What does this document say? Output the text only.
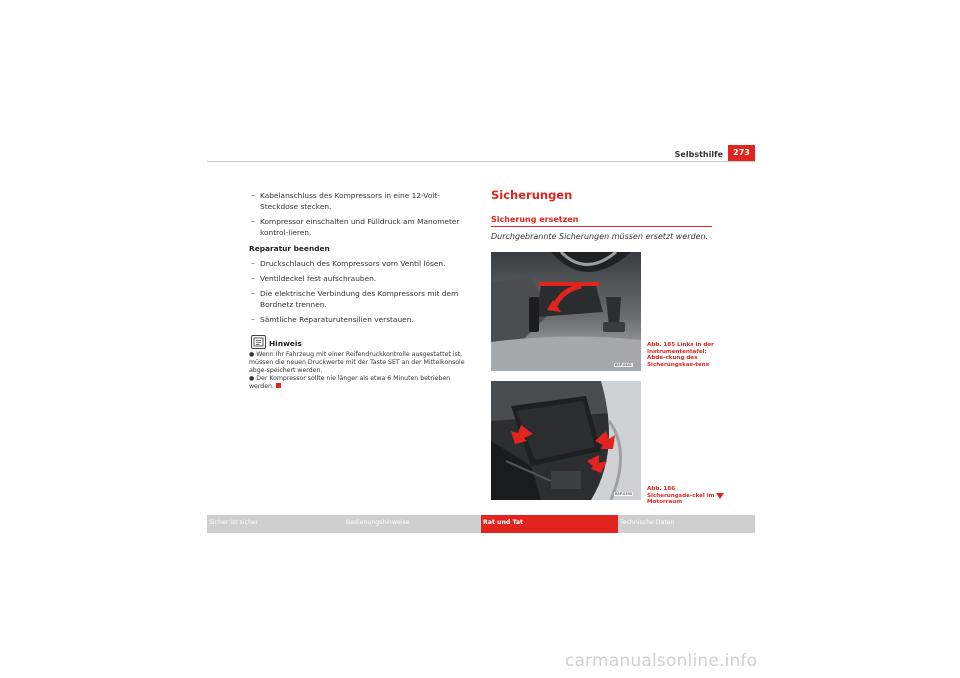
Selbsthilfe	273
– Kabelanschluss des Kompressors in eine 12-Volt-Steckdose stecken.
– Kompressor einschalten und Fülldruck am Manometer kontrol-lieren.
Reparatur beenden
– Druckschlauch des Kompressors vom Ventil lösen.
– Ventildeckel fest aufschrauben.
– Die elektrische Verbindung des Kompressors mit dem Bordnetz trennen.
– Sämtliche Reparaturutensilien verstauen.
Hinweis
● Wenn Ihr Fahrzeug mit einer Reifendruckkontrolle ausgestattet ist, müssen die neuen Druckwerte mit der Taste SET an der Mittelkonsole abge-speichert werden.
● Der Kompressor sollte nie länger als etwa 6 Minuten betrieben werden.
Sicherungen
Sicherung ersetzen
Durchgebrannte Sicherungen müssen ersetzt werden.
B5P-0441
B5P-0390
Abb. 185 Links in der Instrumententafel: Abde-ckung des Sicherungskas-tens
Abb. 186 Sicherungsde-ckel im Motorraum
Sicher ist sicher	Bedienungshinweise	Rat und Tat	Technische Daten
carmanualsonline.info
